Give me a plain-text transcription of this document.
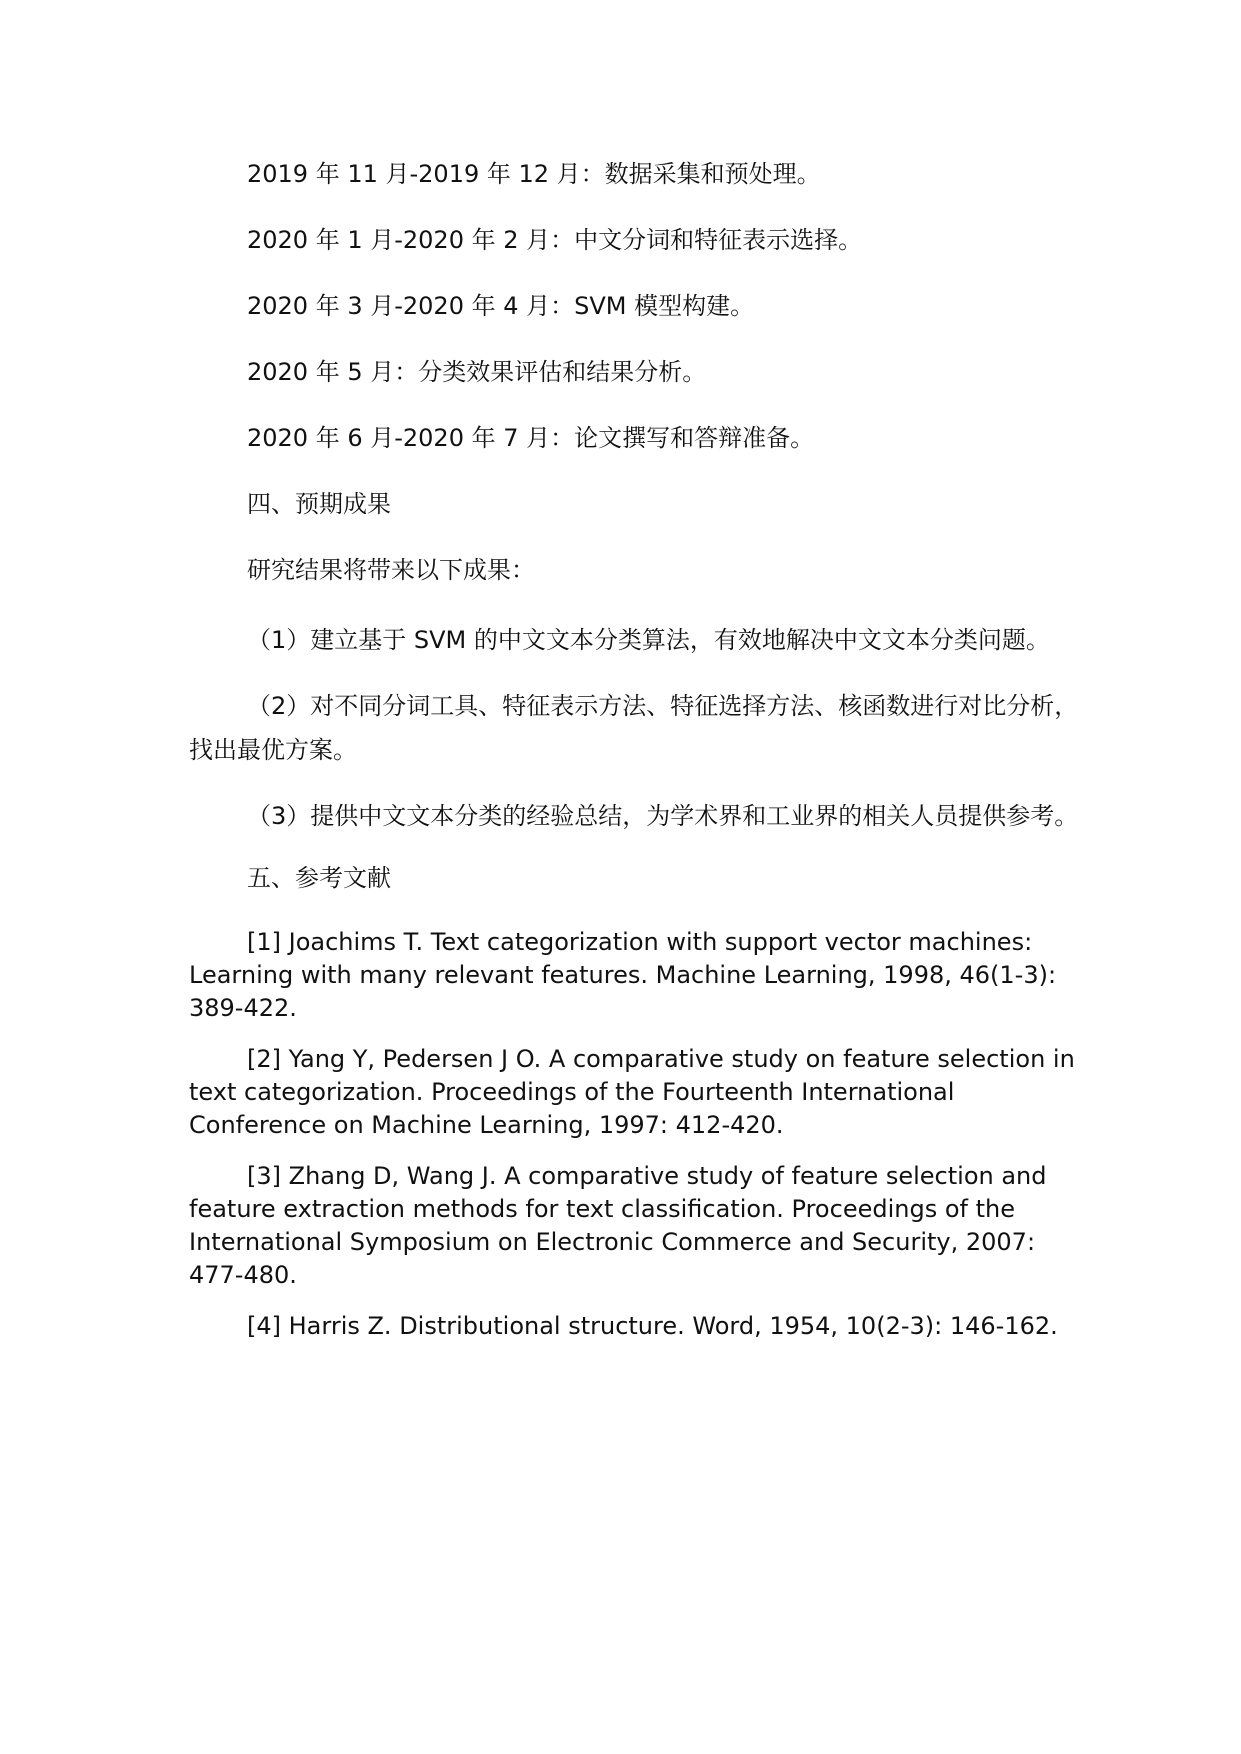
2019 年 11 月-2019 年 12 月：数据采集和预处理。

2020 年 1 月-2020 年 2 月：中文分词和特征表示选择。

2020 年 3 月-2020 年 4 月：SVM 模型构建。

2020 年 5 月：分类效果评估和结果分析。

2020 年 6 月-2020 年 7 月：论文撰写和答辩准备。

四、预期成果

研究结果将带来以下成果：

（1）建立基于 SVM 的中文文本分类算法，有效地解决中文文本分类问题。

（2）对不同分词工具、特征表示方法、特征选择方法、核函数进行对比分析，找出最优方案。

（3）提供中文文本分类的经验总结，为学术界和工业界的相关人员提供参考。

五、参考文献

[1] Joachims T. Text categorization with support vector machines: Learning with many relevant features. Machine Learning, 1998, 46(1-3): 389-422.

[2] Yang Y, Pedersen J O. A comparative study on feature selection in text categorization. Proceedings of the Fourteenth International Conference on Machine Learning, 1997: 412-420.

[3] Zhang D, Wang J. A comparative study of feature selection and feature extraction methods for text classification. Proceedings of the International Symposium on Electronic Commerce and Security, 2007: 477-480.

[4] Harris Z. Distributional structure. Word, 1954, 10(2-3): 146-162.
